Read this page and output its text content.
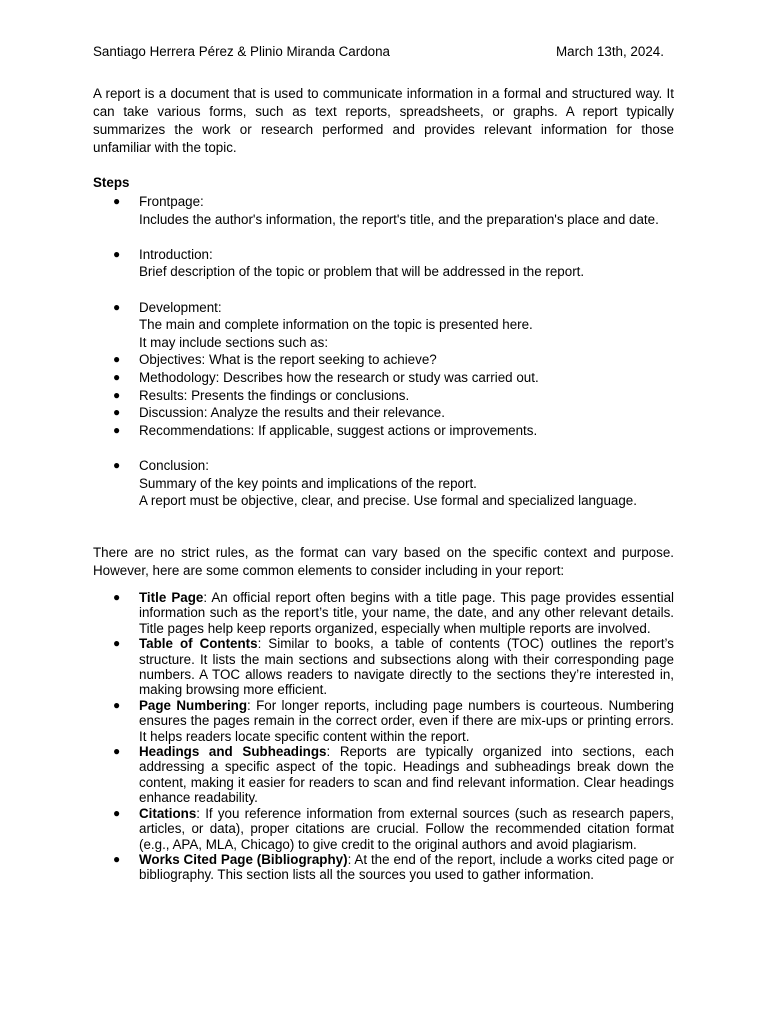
Santiago Herrera Pérez & Plinio Miranda Cardona	March 13th, 2024.

A report is a document that is used to communicate information in a formal and structured way. It can take various forms, such as text reports, spreadsheets, or graphs. A report typically summarizes the work or research performed and provides relevant information for those unfamiliar with the topic.

Steps
● Frontpage:
Includes the author's information, the report's title, and the preparation's place and date.
● Introduction:
Brief description of the topic or problem that will be addressed in the report.
● Development:
The main and complete information on the topic is presented here.
It may include sections such as:
● Objectives: What is the report seeking to achieve?
● Methodology: Describes how the research or study was carried out.
● Results: Presents the findings or conclusions.
● Discussion: Analyze the results and their relevance.
● Recommendations: If applicable, suggest actions or improvements.
● Conclusion:
Summary of the key points and implications of the report.
A report must be objective, clear, and precise. Use formal and specialized language.

There are no strict rules, as the format can vary based on the specific context and purpose. However, here are some common elements to consider including in your report:

● Title Page: An official report often begins with a title page. This page provides essential information such as the report’s title, your name, the date, and any other relevant details. Title pages help keep reports organized, especially when multiple reports are involved.
● Table of Contents: Similar to books, a table of contents (TOC) outlines the report’s structure. It lists the main sections and subsections along with their corresponding page numbers. A TOC allows readers to navigate directly to the sections they’re interested in, making browsing more efficient.
● Page Numbering: For longer reports, including page numbers is courteous. Numbering ensures the pages remain in the correct order, even if there are mix-ups or printing errors. It helps readers locate specific content within the report.
● Headings and Subheadings: Reports are typically organized into sections, each addressing a specific aspect of the topic. Headings and subheadings break down the content, making it easier for readers to scan and find relevant information. Clear headings enhance readability.
● Citations: If you reference information from external sources (such as research papers, articles, or data), proper citations are crucial. Follow the recommended citation format (e.g., APA, MLA, Chicago) to give credit to the original authors and avoid plagiarism.
● Works Cited Page (Bibliography): At the end of the report, include a works cited page or bibliography. This section lists all the sources you used to gather information.
